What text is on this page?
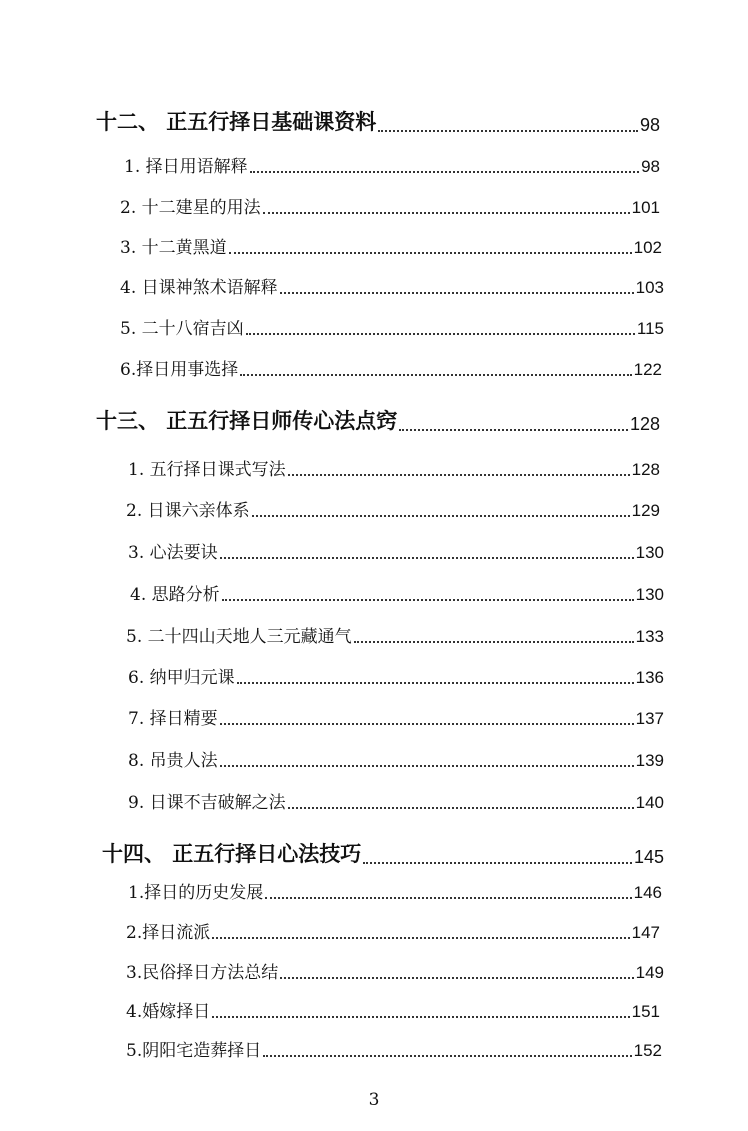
十二、 正五行择日基础课资料	98
1. 择日用语解释	98
2. 十二建星的用法	101
3. 十二黄黑道	102
4. 日课神煞术语解释	103
5. 二十八宿吉凶	115
6.择日用事选择	122
十三、 正五行择日师传心法点窍	128
1. 五行择日课式写法	128
2. 日课六亲体系	129
3. 心法要诀	130
4. 思路分析	130
5. 二十四山天地人三元藏通气	133
6. 纳甲归元课	136
7. 择日精要	137
8. 吊贵人法	139
9. 日课不吉破解之法	140
十四、 正五行择日心法技巧	145
1.择日的历史发展	146
2.择日流派	147
3.民俗择日方法总结	149
4.婚嫁择日	151
5.阴阳宅造葬择日	152
3
